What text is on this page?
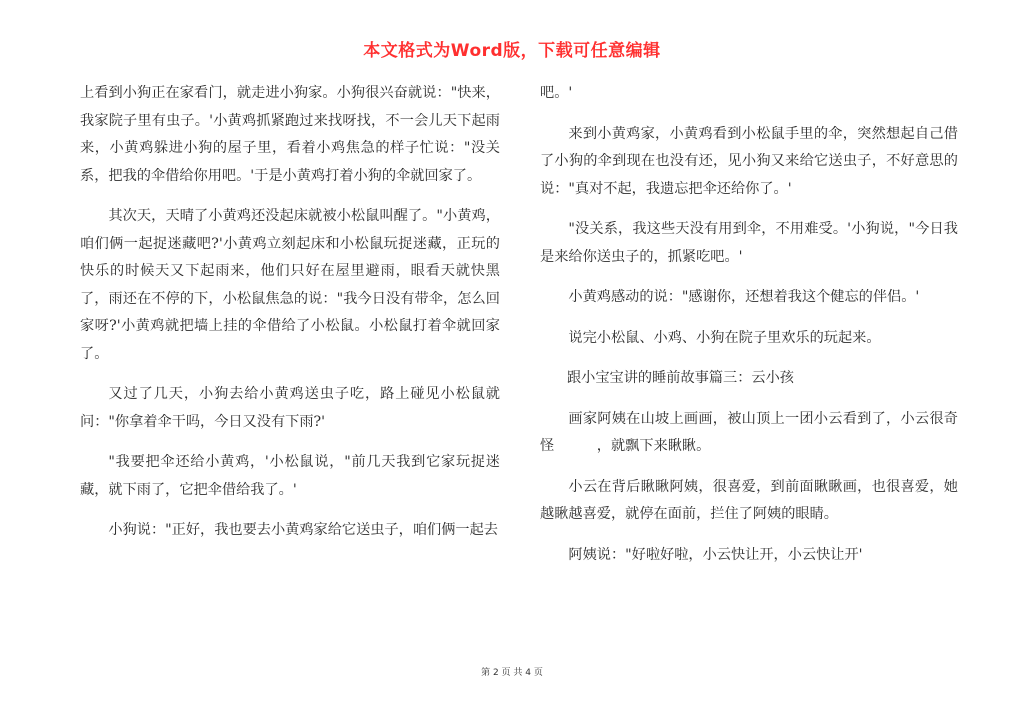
本文格式为Word版，下载可任意编辑

上看到小狗正在家看门，就走进小狗家。小狗很兴奋就说："快来，我家院子里有虫子。'小黄鸡抓紧跑过来找呀找，不一会儿天下起雨来，小黄鸡躲进小狗的屋子里，看着小鸡焦急的样子忙说："没关系，把我的伞借给你用吧。'于是小黄鸡打着小狗的伞就回家了。

其次天，天晴了小黄鸡还没起床就被小松鼠叫醒了。"小黄鸡，咱们俩一起捉迷藏吧?'小黄鸡立刻起床和小松鼠玩捉迷藏，正玩的快乐的时候天又下起雨来，他们只好在屋里避雨，眼看天就快黑了，雨还在不停的下，小松鼠焦急的说："我今日没有带伞，怎么回家呀?'小黄鸡就把墙上挂的伞借给了小松鼠。小松鼠打着伞就回家了。

又过了几天，小狗去给小黄鸡送虫子吃，路上碰见小松鼠就问："你拿着伞干吗，今日又没有下雨?'

"我要把伞还给小黄鸡，'小松鼠说，"前几天我到它家玩捉迷藏，就下雨了，它把伞借给我了。'

小狗说："正好，我也要去小黄鸡家给它送虫子，咱们俩一起去

吧。'

来到小黄鸡家，小黄鸡看到小松鼠手里的伞，突然想起自己借了小狗的伞到现在也没有还，见小狗又来给它送虫子，不好意思的说："真对不起，我遗忘把伞还给你了。'

"没关系，我这些天没有用到伞，不用难受。'小狗说，"今日我是来给你送虫子的，抓紧吃吧。'

小黄鸡感动的说："感谢你，还想着我这个健忘的伴侣。'

说完小松鼠、小鸡、小狗在院子里欢乐的玩起来。

跟小宝宝讲的睡前故事篇三：云小孩

画家阿姨在山坡上画画，被山顶上一团小云看到了，小云很奇怪　　　，就飘下来瞅瞅。

小云在背后瞅瞅阿姨，很喜爱，到前面瞅瞅画，也很喜爱，她越瞅越喜爱，就停在面前，拦住了阿姨的眼睛。

阿姨说："好啦好啦，小云快让开，小云快让开'

第 2 页 共 4 页
